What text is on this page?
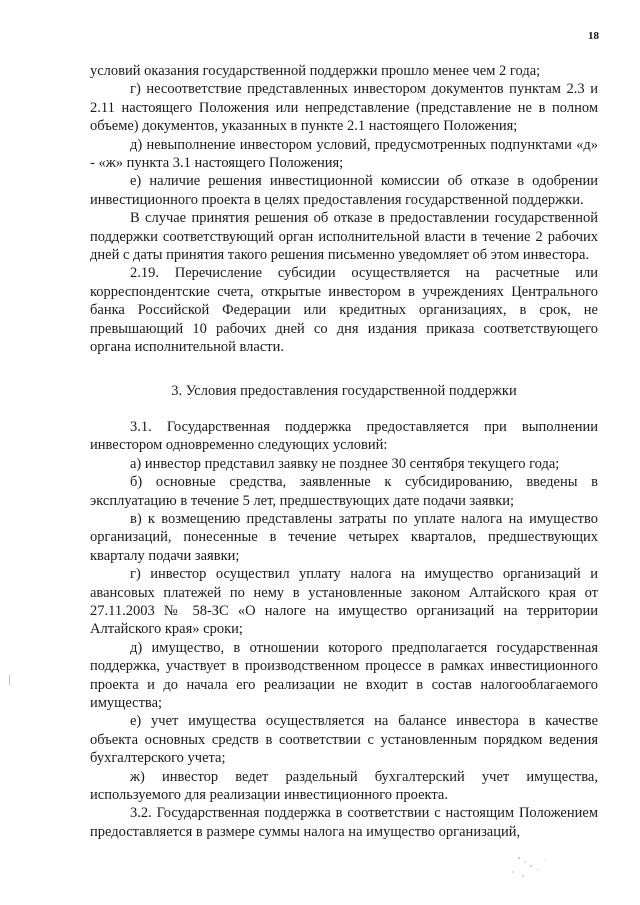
18

условий оказания государственной поддержки прошло менее чем 2 года;

г) несоответствие представленных инвестором документов пунктам 2.3 и 2.11 настоящего Положения или непредставление (представление не в полном объеме) документов, указанных в пункте 2.1 настоящего Положения;

д) невыполнение инвестором условий, предусмотренных подпунктами «д» - «ж» пункта 3.1 настоящего Положения;

е) наличие решения инвестиционной комиссии об отказе в одобрении инвестиционного проекта в целях предоставления государственной поддержки.

В случае принятия решения об отказе в предоставлении государственной поддержки соответствующий орган исполнительной власти в течение 2 рабочих дней с даты принятия такого решения письменно уведомляет об этом инвестора.

2.19. Перечисление субсидии осуществляется на расчетные или корреспондентские счета, открытые инвестором в учреждениях Центрального банка Российской Федерации или кредитных организациях, в срок, не превышающий 10 рабочих дней со дня издания приказа соответствующего органа исполнительной власти.

3. Условия предоставления государственной поддержки

3.1. Государственная поддержка предоставляется при выполнении инвестором одновременно следующих условий:

а) инвестор представил заявку не позднее 30 сентября текущего года;

б) основные средства, заявленные к субсидированию, введены в эксплуатацию в течение 5 лет, предшествующих дате подачи заявки;

в) к возмещению представлены затраты по уплате налога на имущество организаций, понесенные в течение четырех кварталов, предшествующих кварталу подачи заявки;

г) инвестор осуществил уплату налога на имущество организаций и авансовых платежей по нему в установленные законом Алтайского края от 27.11.2003 № 58-ЗС «О налоге на имущество организаций на территории Алтайского края» сроки;

д) имущество, в отношении которого предполагается государственная поддержка, участвует в производственном процессе в рамках инвестиционного проекта и до начала его реализации не входит в состав налогооблагаемого имущества;

е) учет имущества осуществляется на балансе инвестора в качестве объекта основных средств в соответствии с установленным порядком ведения бухгалтерского учета;

ж) инвестор ведет раздельный бухгалтерский учет имущества, используемого для реализации инвестиционного проекта.

3.2. Государственная поддержка в соответствии с настоящим Положением предоставляется в размере суммы налога на имущество организаций,
